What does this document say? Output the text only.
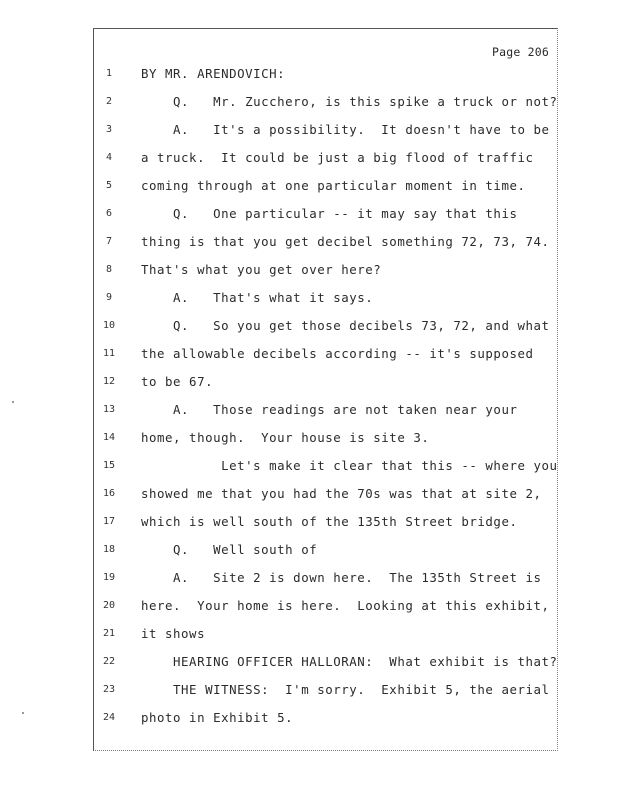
Page 206
1	BY MR. ARENDOVICH:
2	Q.   Mr. Zucchero, is this spike a truck or not?
3	A.   It's a possibility.  It doesn't have to be
4	a truck.  It could be just a big flood of traffic
5	coming through at one particular moment in time.
6	Q.   One particular -- it may say that this
7	thing is that you get decibel something 72, 73, 74.
8	That's what you get over here?
9	A.   That's what it says.
10	Q.   So you get those decibels 73, 72, and what
11	the allowable decibels according -- it's supposed
12	to be 67.
13	A.   Those readings are not taken near your
14	home, though.  Your house is site 3.
15	Let's make it clear that this -- where you
16	showed me that you had the 70s was that at site 2,
17	which is well south of the 135th Street bridge.
18	Q.   Well south of
19	A.   Site 2 is down here.  The 135th Street is
20	here.  Your home is here.  Looking at this exhibit,
21	it shows
22	HEARING OFFICER HALLORAN:  What exhibit is that?
23	THE WITNESS:  I'm sorry.  Exhibit 5, the aerial
24	photo in Exhibit 5.
